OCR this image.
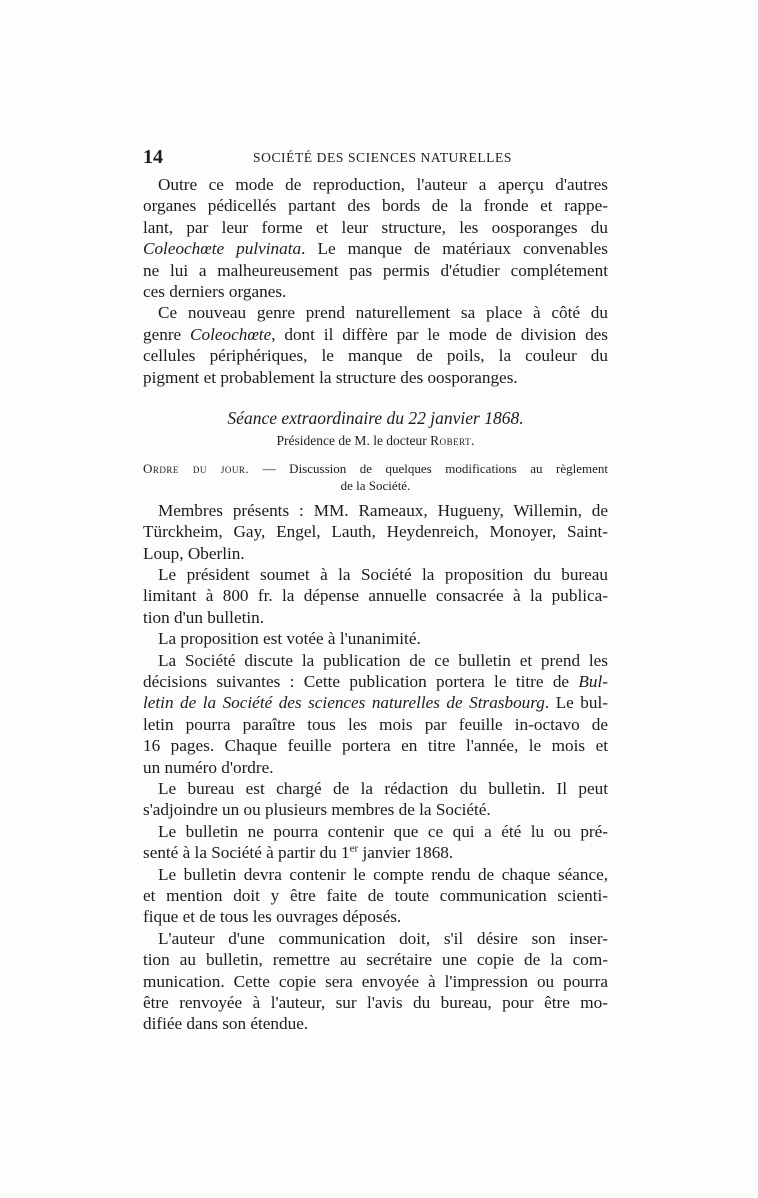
14	SOCIÉTÉ DES SCIENCES NATURELLES
Outre ce mode de reproduction, l'auteur a aperçu d'autres
organes pédicellés partant des bords de la fronde et rappe-
lant, par leur forme et leur structure, les oosporanges du
Coleochœte pulvinata. Le manque de matériaux convenables
ne lui a malheureusement pas permis d'étudier complétement
ces derniers organes.
Ce nouveau genre prend naturellement sa place à côté du
genre Coleochœte, dont il diffère par le mode de division des
cellules périphériques, le manque de poils, la couleur du
pigment et probablement la structure des oosporanges.
Séance extraordinaire du 22 janvier 1868.
Présidence de M. le docteur Robert.
Ordre du jour. — Discussion de quelques modifications au règlement
de la Société.
Membres présents : MM. Rameaux, Hugueny, Willemin, de
Türckheim, Gay, Engel, Lauth, Heydenreich, Monoyer, Saint-
Loup, Oberlin.
Le président soumet à la Société la proposition du bureau
limitant à 800 fr. la dépense annuelle consacrée à la publica-
tion d'un bulletin.
La proposition est votée à l'unanimité.
La Société discute la publication de ce bulletin et prend les
décisions suivantes : Cette publication portera le titre de Bul-
letin de la Société des sciences naturelles de Strasbourg. Le bul-
letin pourra paraître tous les mois par feuille in-octavo de
16 pages. Chaque feuille portera en titre l'année, le mois et
un numéro d'ordre.
Le bureau est chargé de la rédaction du bulletin. Il peut
s'adjoindre un ou plusieurs membres de la Société.
Le bulletin ne pourra contenir que ce qui a été lu ou pré-
senté à la Société à partir du 1er janvier 1868.
Le bulletin devra contenir le compte rendu de chaque séance,
et mention doit y être faite de toute communication scienti-
fique et de tous les ouvrages déposés.
L'auteur d'une communication doit, s'il désire son inser-
tion au bulletin, remettre au secrétaire une copie de la com-
munication. Cette copie sera envoyée à l'impression ou pourra
être renvoyée à l'auteur, sur l'avis du bureau, pour être mo-
difiée dans son étendue.
